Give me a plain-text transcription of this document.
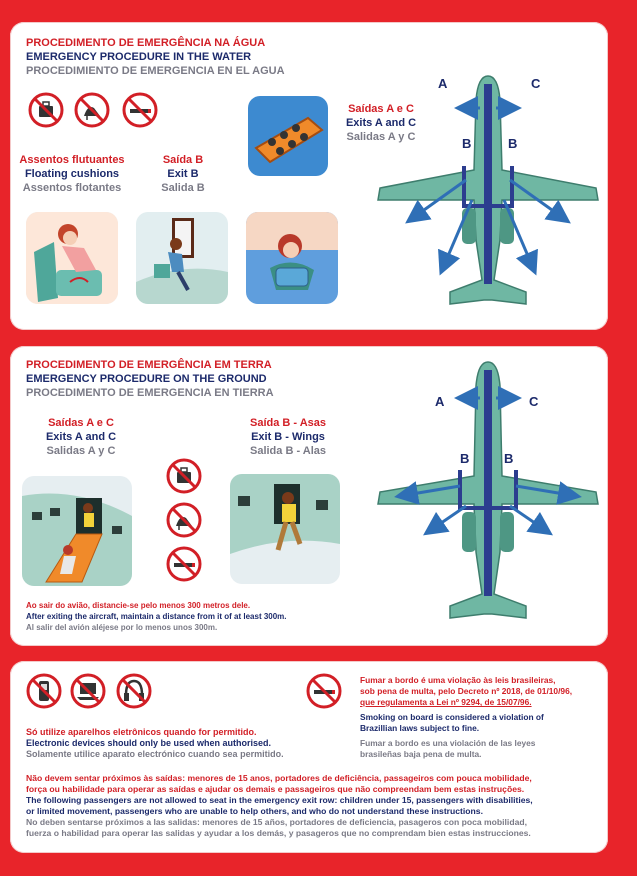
PROCEDIMENTO DE EMERGÊNCIA NA ÁGUA
EMERGENCY PROCEDURE IN THE WATER
PROCEDIMIENTO DE EMERGENCIA EN EL AGUA
Assentos flutuantes
Floating cushions
Assentos flotantes
Saída B
Exit B
Salida B
Saídas A e C
Exits A and C
Salidas A y C
A	C
B	B
PROCEDIMENTO DE EMERGÊNCIA EM TERRA
EMERGENCY PROCEDURE ON THE GROUND
PROCEDIMENTO DE EMERGENCIA EN TIERRA
Saídas A e C
Exits A and C
Salidas A y C
Saída B - Asas
Exit B - Wings
Salida B - Alas
Ao sair do avião, distancie-se pelo menos 300 metros dele.
After exiting the aircraft, maintain a distance from it of at least 300m.
Al salir del avión aléjese por lo menos unos 300m.
A	C
B	B
Só utilize aparelhos eletrônicos quando for permitido.
Electronic devices should only be used when authorised.
Solamente utilice aparato electrónico cuando sea permitido.
Fumar a bordo é uma violação às leis brasileiras,
sob pena de multa, pelo Decreto nº 2018, de 01/10/96,
que regulamenta a Lei nº 9294, de 15/07/96.
Smoking on board is considered a violation of
Brazillian laws subject to fine.
Fumar a bordo es una violación de las leyes
brasileñas baja pena de multa.
Não devem sentar próximos às saídas: menores de 15 anos, portadores de deficiência, passageiros com pouca mobilidade,
força ou habilidade para operar as saídas e ajudar os demais e passageiros que não compreendam bem estas instruções.
The following passengers are not allowed to seat in the emergency exit row: children under 15, passengers with disabilities,
or limited movement, passengers who are unable to help others, and who do not understand these instructions.
No deben sentarse próximos a las salidas: menores de 15 años, portadores de deficiencia, pasageros con poca mobilidad,
fuerza o habilidad para operar las salidas y ayudar a los demás, y pasageros que no comprendam bien estas instrucciones.
